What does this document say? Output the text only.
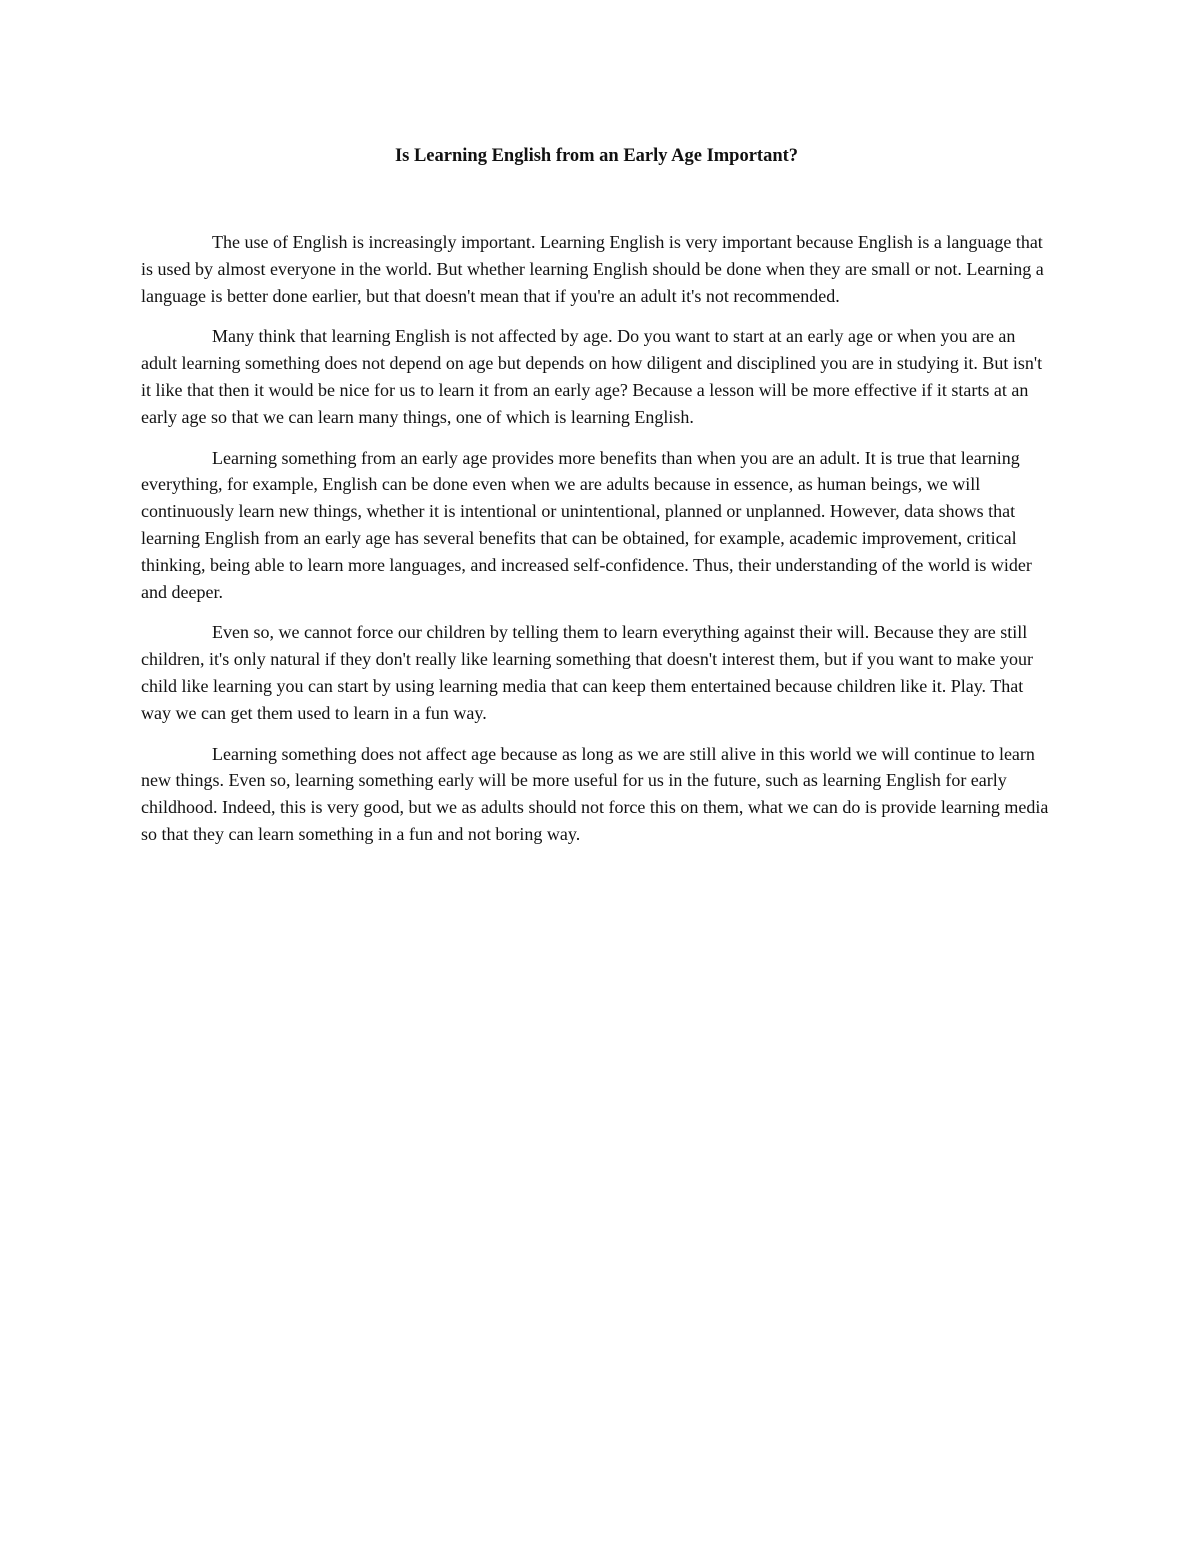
Is Learning English from an Early Age Important?

The use of English is increasingly important. Learning English is very important because English is a language that is used by almost everyone in the world. But whether learning English should be done when they are small or not. Learning a language is better done earlier, but that doesn't mean that if you're an adult it's not recommended.

Many think that learning English is not affected by age. Do you want to start at an early age or when you are an adult learning something does not depend on age but depends on how diligent and disciplined you are in studying it. But isn't it like that then it would be nice for us to learn it from an early age? Because a lesson will be more effective if it starts at an early age so that we can learn many things, one of which is learning English.

Learning something from an early age provides more benefits than when you are an adult. It is true that learning everything, for example, English can be done even when we are adults because in essence, as human beings, we will continuously learn new things, whether it is intentional or unintentional, planned or unplanned. However, data shows that learning English from an early age has several benefits that can be obtained, for example, academic improvement, critical thinking, being able to learn more languages, and increased self-confidence. Thus, their understanding of the world is wider and deeper.

Even so, we cannot force our children by telling them to learn everything against their will. Because they are still children, it's only natural if they don't really like learning something that doesn't interest them, but if you want to make your child like learning you can start by using learning media that can keep them entertained because children like it. Play. That way we can get them used to learn in a fun way.

Learning something does not affect age because as long as we are still alive in this world we will continue to learn new things. Even so, learning something early will be more useful for us in the future, such as learning English for early childhood. Indeed, this is very good, but we as adults should not force this on them, what we can do is provide learning media so that they can learn something in a fun and not boring way.
